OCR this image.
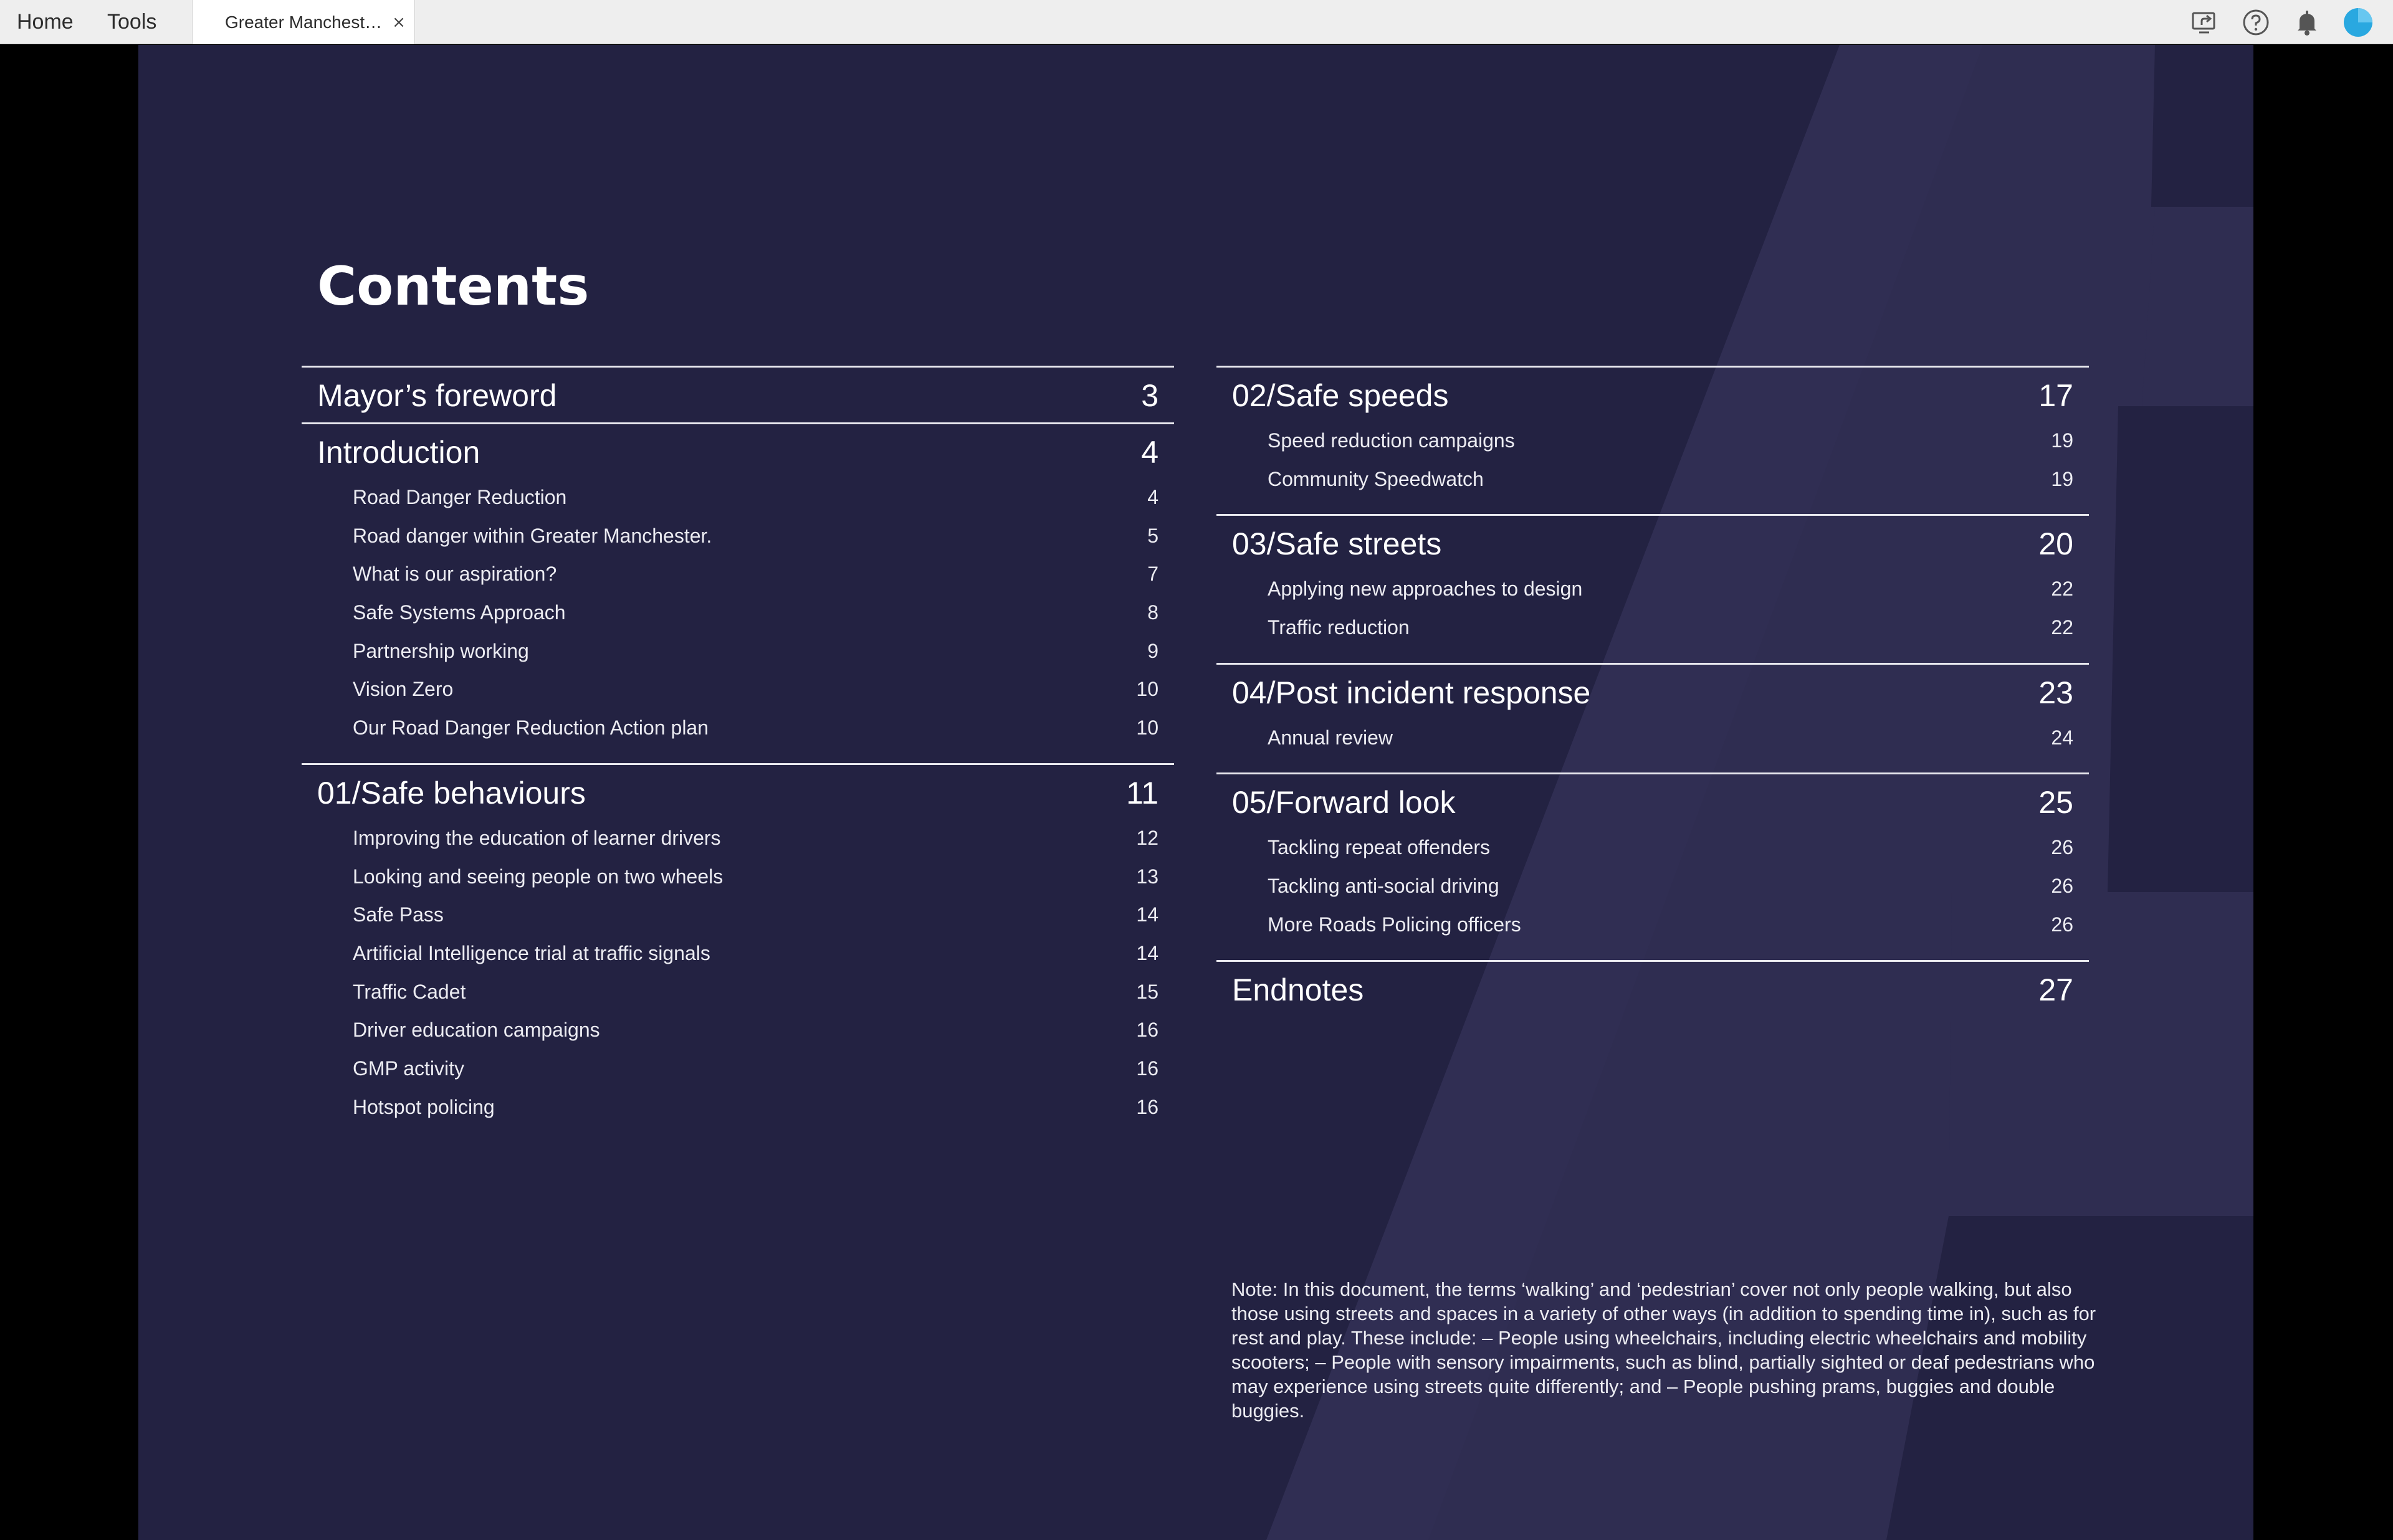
Home Tools	Greater Manchest… ×
Contents
Mayor’s foreword	3
Introduction	4
Road Danger Reduction	4
Road danger within Greater Manchester.	5
What is our aspiration?	7
Safe Systems Approach	8
Partnership working	9
Vision Zero	10
Our Road Danger Reduction Action plan	10
01/Safe behaviours	11
Improving the education of learner drivers	12
Looking and seeing people on two wheels	13
Safe Pass	14
Artificial Intelligence trial at traffic signals	14
Traffic Cadet	15
Driver education campaigns	16
GMP activity	16
Hotspot policing	16
02/Safe speeds	17
Speed reduction campaigns	19
Community Speedwatch	19
03/Safe streets	20
Applying new approaches to design	22
Traffic reduction	22
04/Post incident response	23
Annual review	24
05/Forward look	25
Tackling repeat offenders	26
Tackling anti-social driving	26
More Roads Policing officers	26
Endnotes	27

Note: In this document, the terms ‘walking’ and ‘pedestrian’ cover not only people walking, but also those using streets and spaces in a variety of other ways (in addition to spending time in), such as for rest and play. These include: – People using wheelchairs, including electric wheelchairs and mobility scooters; – People with sensory impairments, such as blind, partially sighted or deaf pedestrians who may experience using streets quite differently; and – People pushing prams, buggies and double buggies.
